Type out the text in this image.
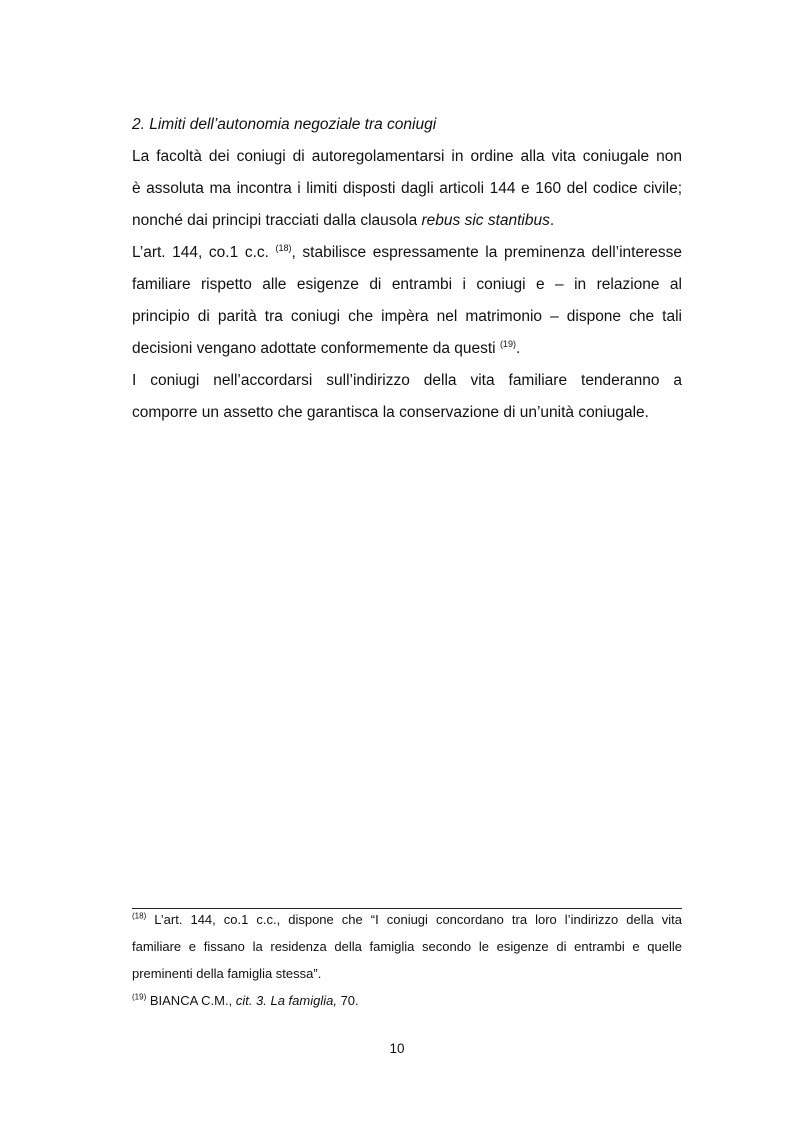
2. Limiti dell’autonomia negoziale tra coniugi
La facoltà dei coniugi di autoregolamentarsi in ordine alla vita coniugale non
è assoluta ma incontra i limiti disposti dagli articoli 144 e 160 del codice civile;
nonché dai principi tracciati dalla clausola rebus sic stantibus.
L’art. 144, co.1 c.c. $^{(18)}$, stabilisce espressamente la preminenza dell’interesse
familiare rispetto alle esigenze di entrambi i coniugi e – in relazione al
principio di parità tra coniugi che impèra nel matrimonio – dispone che tali
decisioni vengano adottate conformemente da questi $^{(19)}$.
I coniugi nell’accordarsi sull’indirizzo della vita familiare tenderanno a
comporre un assetto che garantisca la conservazione di un’unità coniugale.
$^{(18)}$ L’art. 144, co.1 c.c., dispone che “I coniugi concordano tra loro l’indirizzo della vita
familiare e fissano la residenza della famiglia secondo le esigenze di entrambi e quelle
preminenti della famiglia stessa”.
$^{(19)}$ BIANCA C.M., cit. 3. La famiglia, 70.
10
